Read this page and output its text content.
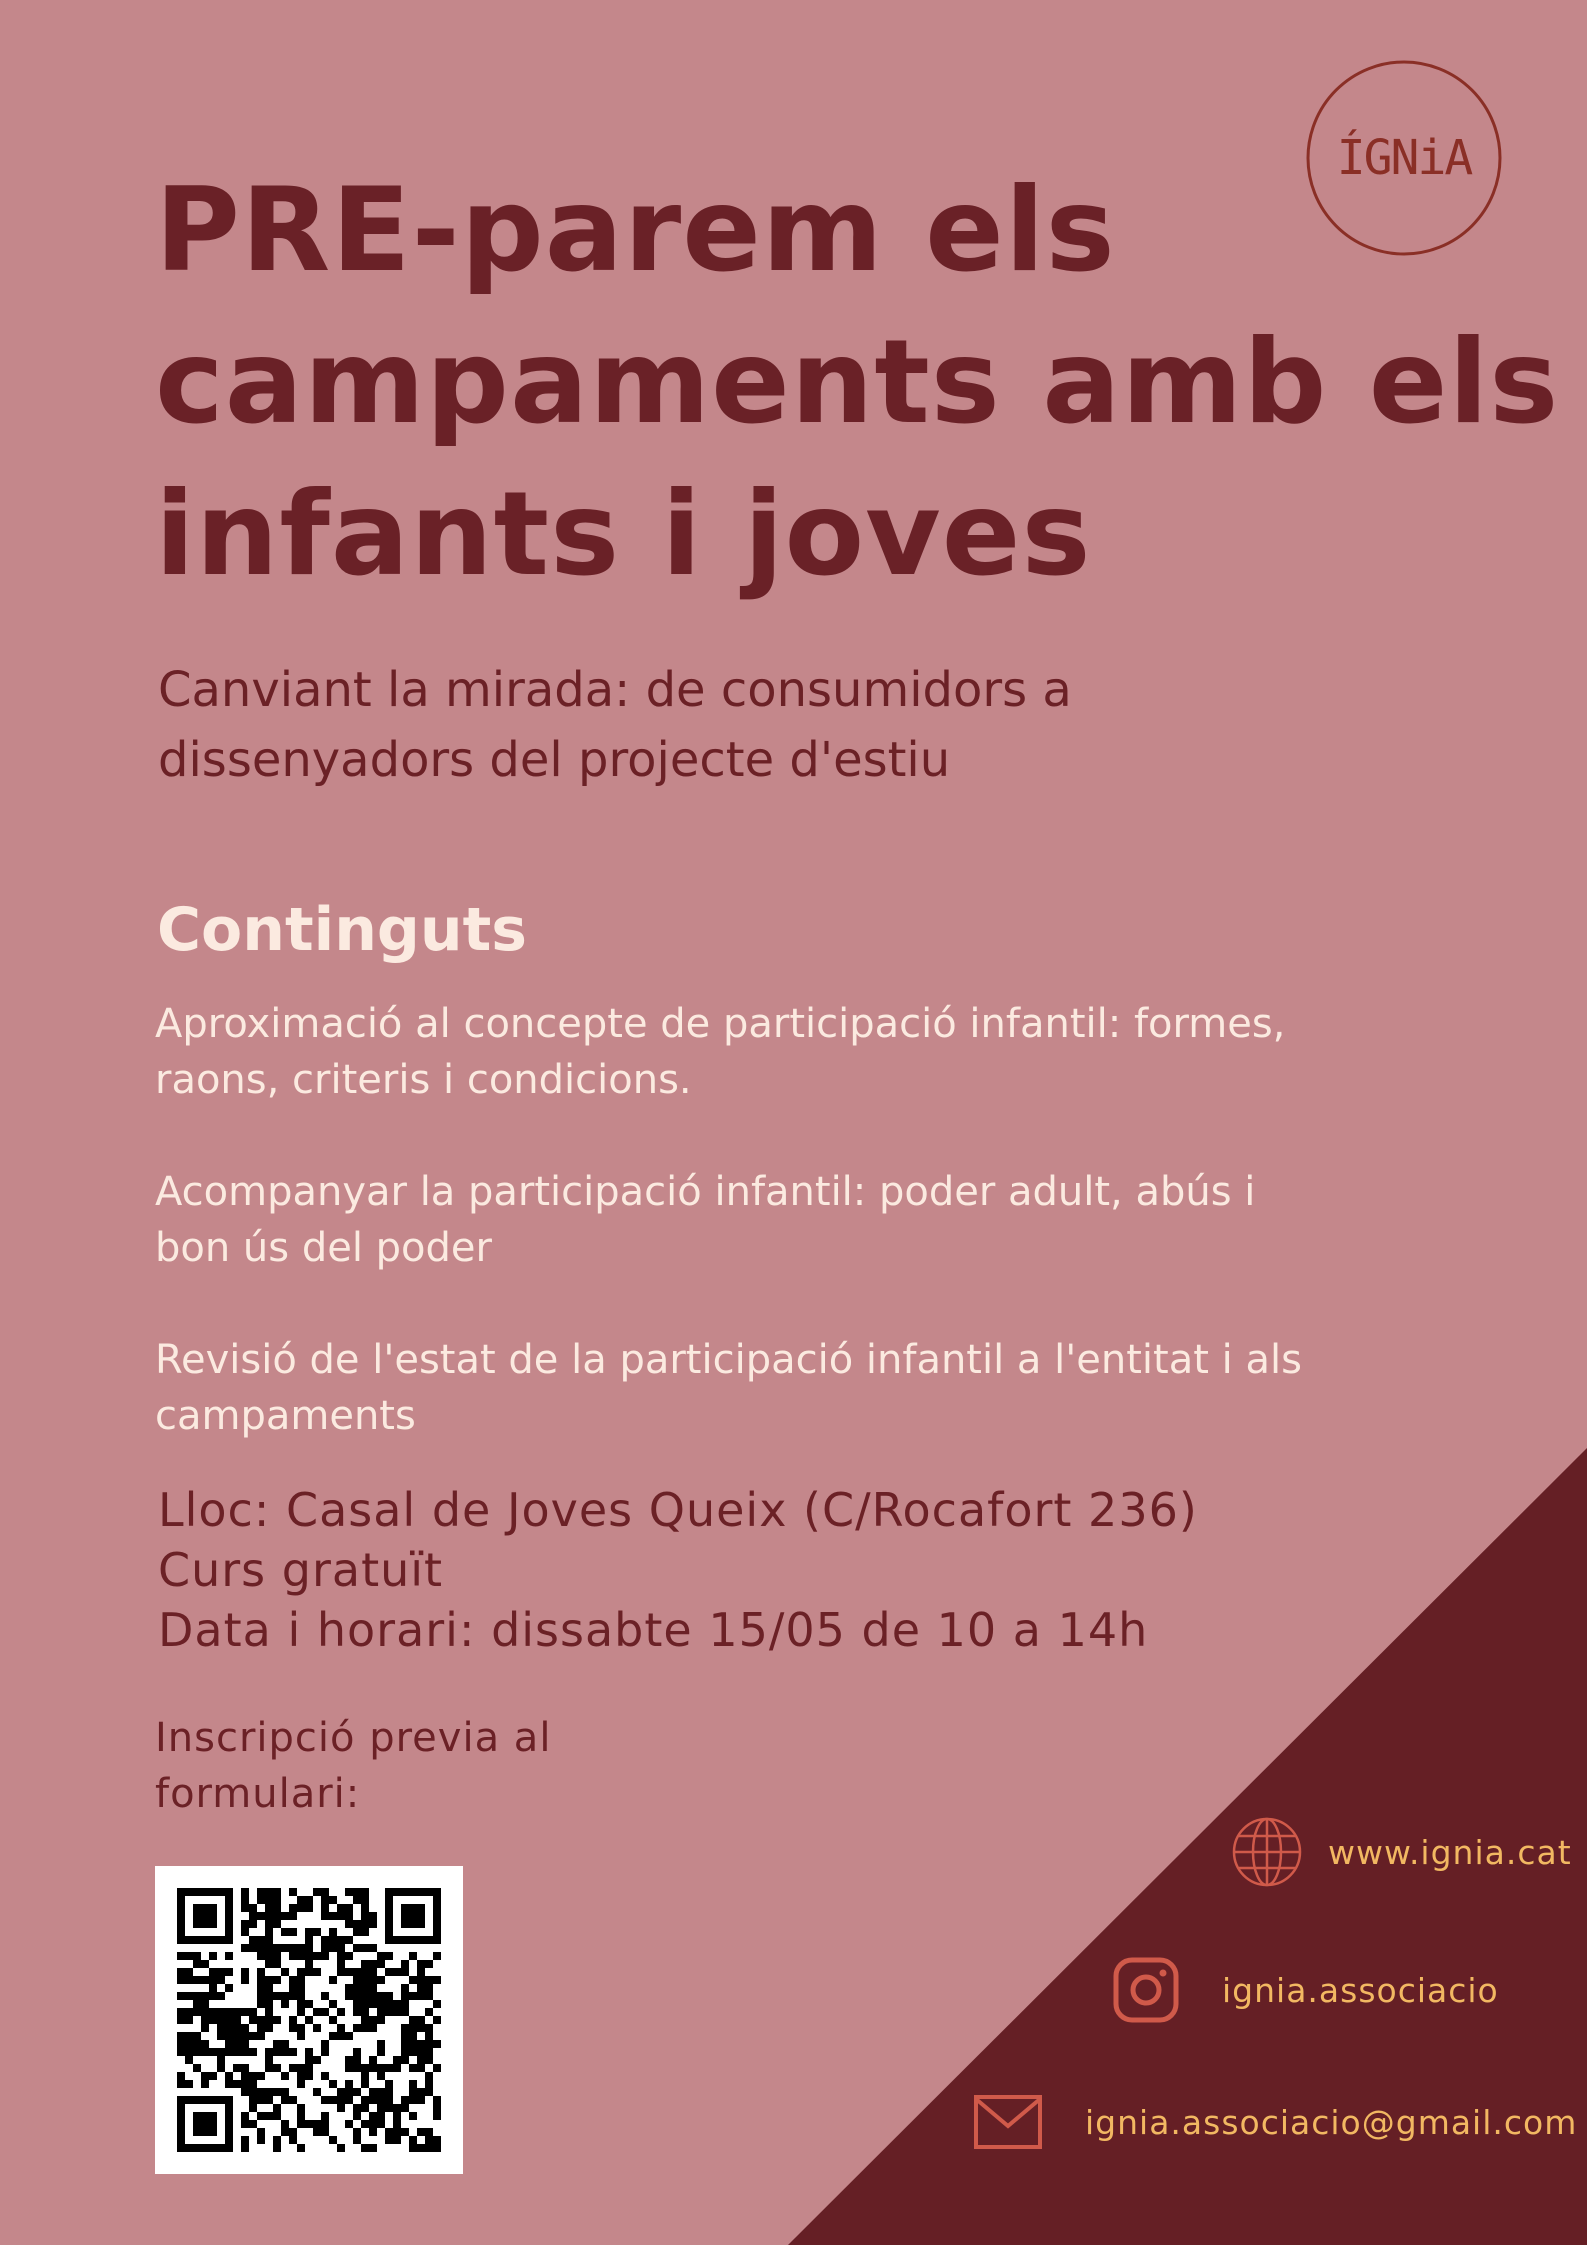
ÍGNiA
PRE-parem els campaments amb els infants i joves

Canviant la mirada: de consumidors a dissenyadors del projecte d'estiu

Continguts
Aproximació al concepte de participació infantil: formes, raons, criteris i condicions.
Acompanyar la participació infantil: poder adult, abús i bon ús del poder
Revisió de l'estat de la participació infantil a l'entitat i als campaments

Lloc: Casal de Joves Queix (C/Rocafort 236)

Curs gratuït

Data i horari: dissabte 15/05 de 10 a 14h

Inscripció previa al formulari:

www.ignia.cat
ignia.associacio
ignia.associacio@gmail.com
